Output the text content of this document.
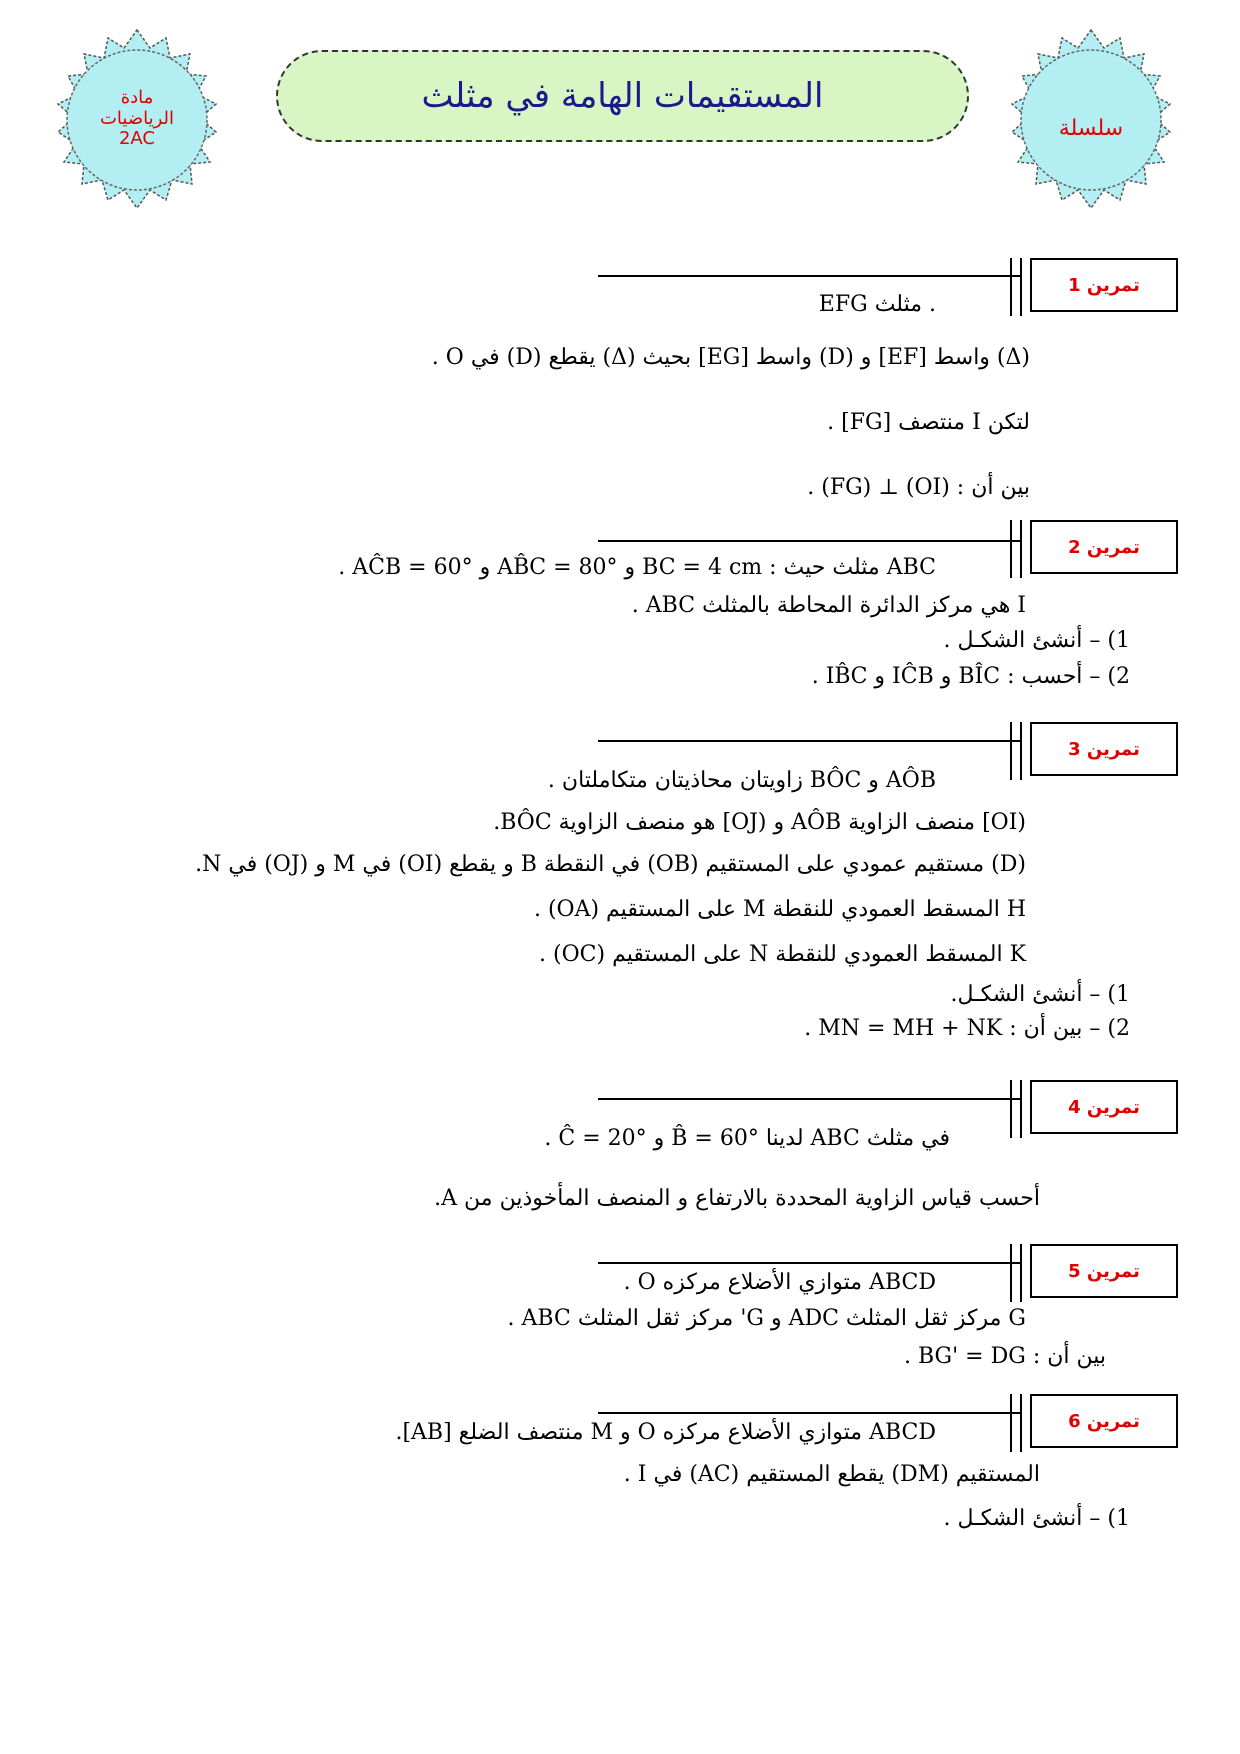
مادة
الرياضيات
2AC
المستقيمات الهامة في مثلث
سلسلة
تمرين 1
تمرين 2
تمرين 3
تمرين 4
تمرين 5
تمرين 6
. مثلث EFG
(Δ) واسط [EF] و (D) واسط [EG] بحيث (Δ) يقطع (D) في O .
لتكن I منتصف [FG] .
بين أن : (OI) ⊥ (FG) .
ABC مثلث حيث : BC = 4 cm و AB̂C = 80° و AĈB = 60° .
I هي مركز الدائرة المحاطة بالمثلث ABC .
1) – أنشئ الشكـل .
2) – أحسب : BÎC و IĈB و IB̂C .
AÔB و BÔC زاويتان محاذيتان متكاملتان .
(OI] منصف الزاوية AÔB و (OJ] هو منصف الزاوية BÔC.
(D) مستقيم عمودي على المستقيم (OB) في النقطة B و يقطع (OI) في M و (OJ) في N.
H المسقط العمودي للنقطة M على المستقيم (OA) .
K المسقط العمودي للنقطة N على المستقيم (OC) .
1) – أنشئ الشكـل.
2) – بين أن : MN = MH + NK .
في مثلث ABC لدينا B̂ = 60° و Ĉ = 20° .
أحسب قياس الزاوية المحددة بالارتفاع و المنصف المأخوذين من A.
ABCD متوازي الأضلاع مركزه O .
G مركز ثقل المثلث ADC و G' مركز ثقل المثلث ABC .
بين أن : BG' = DG .
ABCD متوازي الأضلاع مركزه O و M منتصف الضلع [AB].
المستقيم (DM) يقطع المستقيم (AC) في I .
1) – أنشئ الشكـل .
